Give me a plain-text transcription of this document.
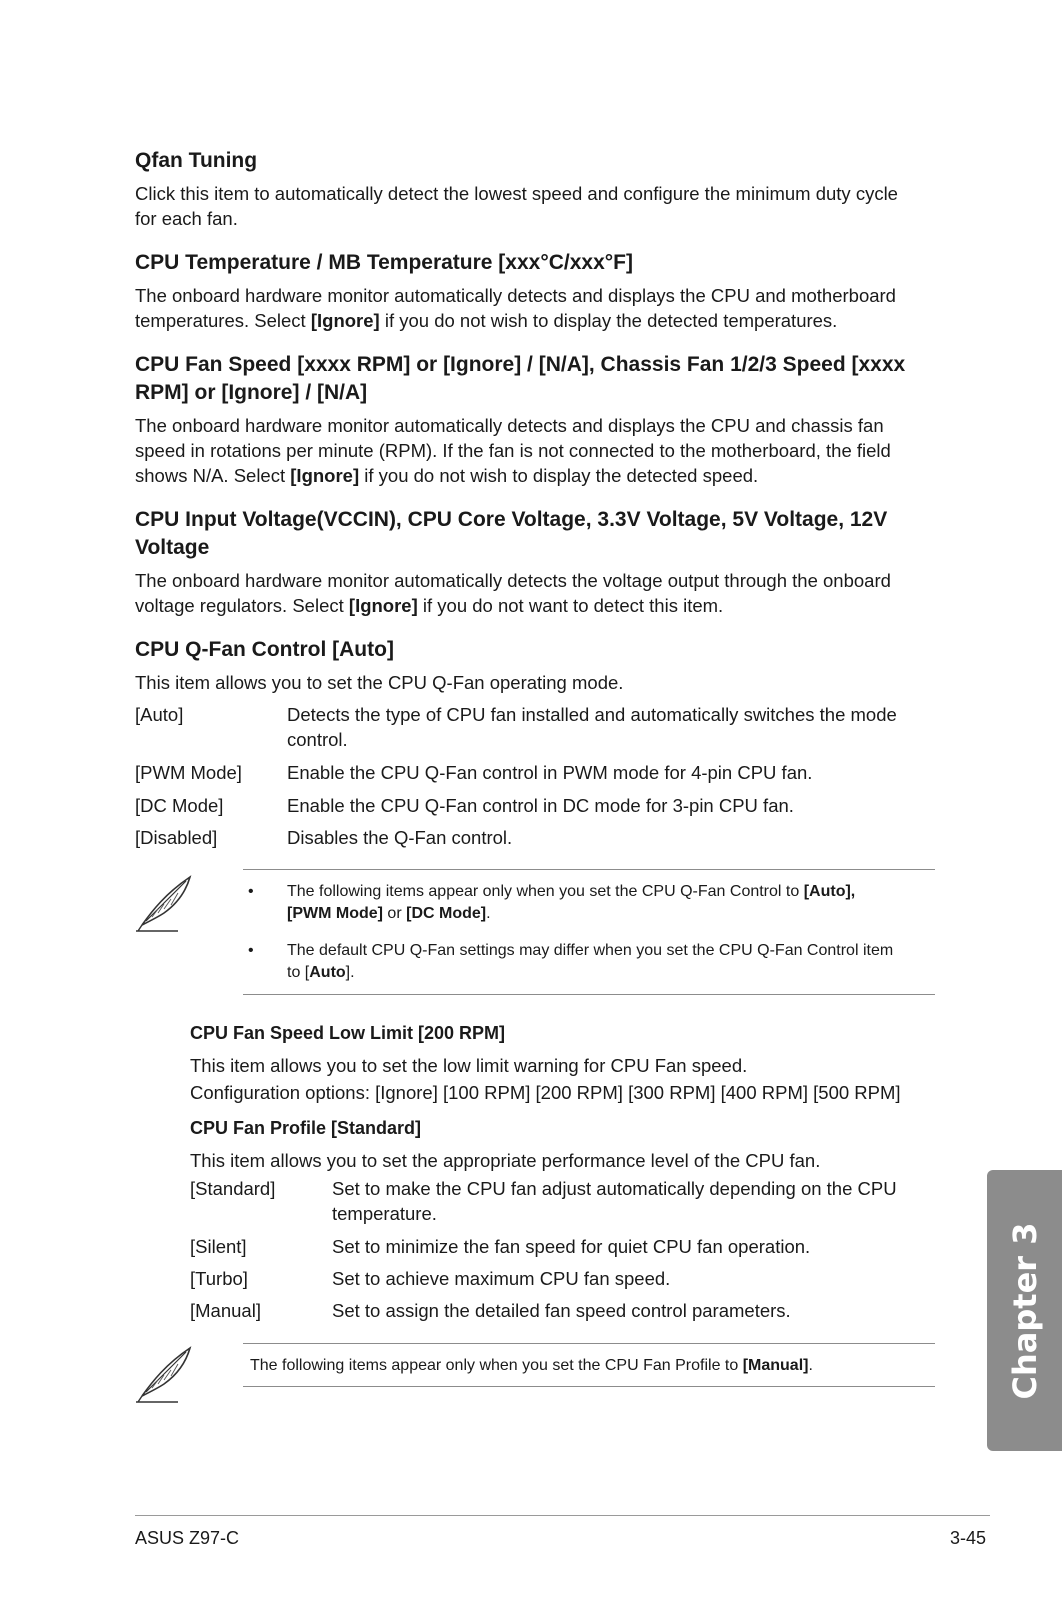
Qfan Tuning

Click this item to automatically detect the lowest speed and configure the minimum duty cycle

for each fan.

CPU Temperature / MB Temperature [xxx°C/xxx°F]

The onboard hardware monitor automatically detects and displays the CPU and motherboard

temperatures. Select [Ignore] if you do not wish to display the detected temperatures.

CPU Fan Speed [xxxx RPM] or [Ignore] / [N/A], Chassis Fan 1/2/3 Speed [xxxx
RPM] or [Ignore] / [N/A]

The onboard hardware monitor automatically detects and displays the CPU and chassis fan

speed in rotations per minute (RPM). If the fan is not connected to the motherboard, the field

shows N/A. Select [Ignore] if you do not wish to display the detected speed.

CPU Input Voltage(VCCIN), CPU Core Voltage, 3.3V Voltage, 5V Voltage, 12V
Voltage

The onboard hardware monitor automatically detects the voltage output through the onboard

voltage regulators. Select [Ignore] if you do not want to detect this item.

CPU Q-Fan Control [Auto]

This item allows you to set the CPU Q-Fan operating mode.

[Auto]	Detects the type of CPU fan installed and automatically switches the mode
control.
[PWM Mode] Enable the CPU Q-Fan control in PWM mode for 4-pin CPU fan.
[DC Mode]	Enable the CPU Q-Fan control in DC mode for 3-pin CPU fan.
[Disabled]	Disables the Q-Fan control.
• The following items appear only when you set the CPU Q-Fan Control to [Auto],
[PWM Mode] or [DC Mode].
• The default CPU Q-Fan settings may differ when you set the CPU Q-Fan Control item
to [Auto].
CPU Fan Speed Low Limit [200 RPM]

This item allows you to set the low limit warning for CPU Fan speed.

Configuration options: [Ignore] [100 RPM] [200 RPM] [300 RPM] [400 RPM] [500 RPM]

CPU Fan Profile [Standard]

This item allows you to set the appropriate performance level of the CPU fan.

[Standard]	Set to make the CPU fan adjust automatically depending on the CPU
temperature.
[Silent]	Set to minimize the fan speed for quiet CPU fan operation.
[Turbo]	Set to achieve maximum CPU fan speed.
[Manual]	Set to assign the detailed fan speed control parameters.
The following items appear only when you set the CPU Fan Profile to [Manual].	Chapter 3
ASUS Z97-C	3-45
